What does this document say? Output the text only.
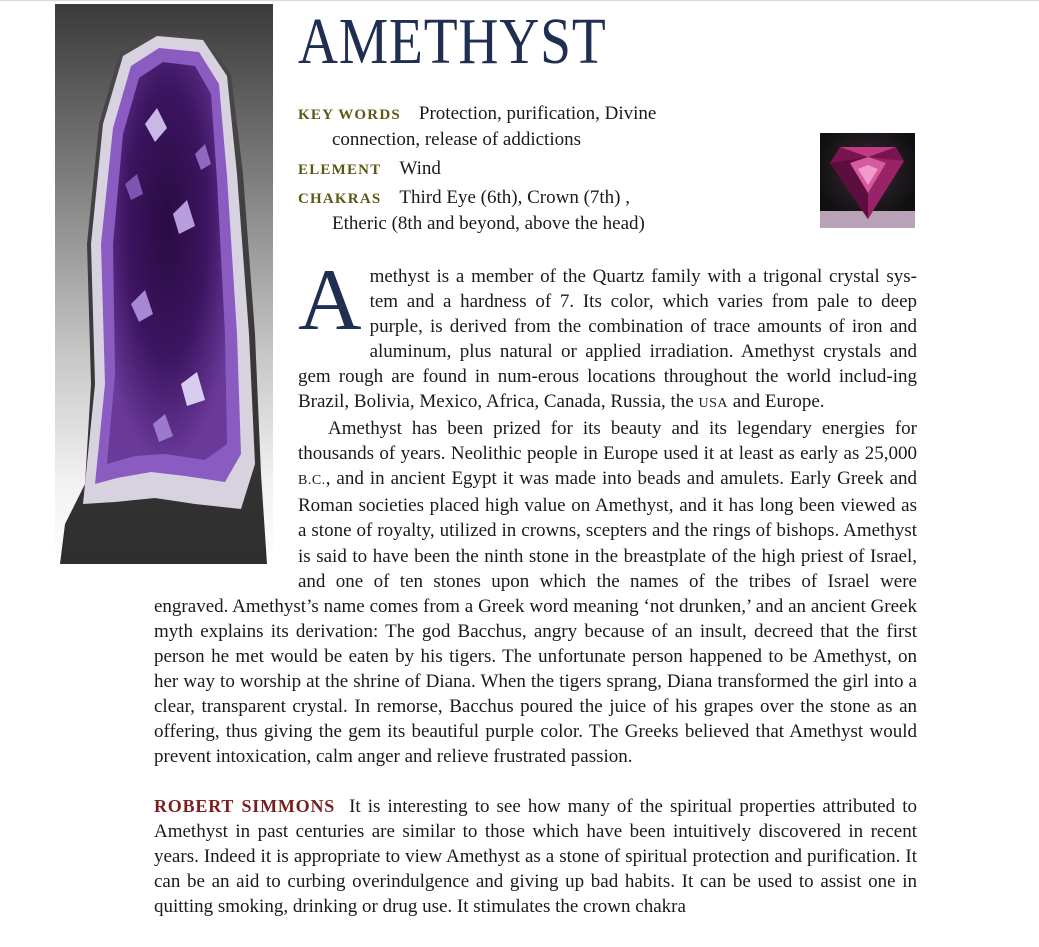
AMETHYST
KEY WORDS Protection, purification, Divine
connection, release of addictions
ELEMENT Wind
CHAKRAS Third Eye (6th), Crown (7th) ,
Etheric (8th and beyond, above the head)

Amethyst is a member of the Quartz family with a trigonal crystal sys-tem and a hardness of 7. Its color, which varies from pale to deep purple, is derived from the combination of trace amounts of iron and aluminum, plus natural or applied irradiation. Amethyst crystals and gem rough are found in num-erous locations throughout the world includ-ing Brazil, Bolivia, Mexico, Africa, Canada, Russia, the USA and Europe.

Amethyst has been prized for its beauty and its legendary energies for thousands of years. Neolithic people in Europe used it at least as early as 25,000 B.C., and in ancient Egypt it was made into beads and amulets. Early Greek and Roman societies placed high value on Amethyst, and it has long been viewed as a stone of royalty, utilized in crowns, scepters and the rings of bishops. Amethyst is said to have been the ninth stone in the breastplate of the high priest of Israel, and one of ten stones upon which the names of the tribes of Israel were engraved. Amethyst’s name comes from a Greek word meaning ‘not drunken,’ and an ancient Greek myth explains its derivation: The god Bacchus, angry because of an insult, decreed that the first person he met would be eaten by his tigers. The unfortunate person happened to be Amethyst, on her way to worship at the shrine of Diana. When the tigers sprang, Diana transformed the girl into a clear, transparent crystal. In remorse, Bacchus poured the juice of his grapes over the stone as an offering, thus giving the gem its beautiful purple color. The Greeks believed that Amethyst would prevent intoxication, calm anger and relieve frustrated passion.

ROBERT SIMMONS It is interesting to see how many of the spiritual properties attributed to Amethyst in past centuries are similar to those which have been intuitively discovered in recent years. Indeed it is appropriate to view Amethyst as a stone of spiritual protection and purification. It can be an aid to curbing overindulgence and giving up bad habits. It can be used to assist one in quitting smoking, drinking or drug use. It stimulates the crown chakra
